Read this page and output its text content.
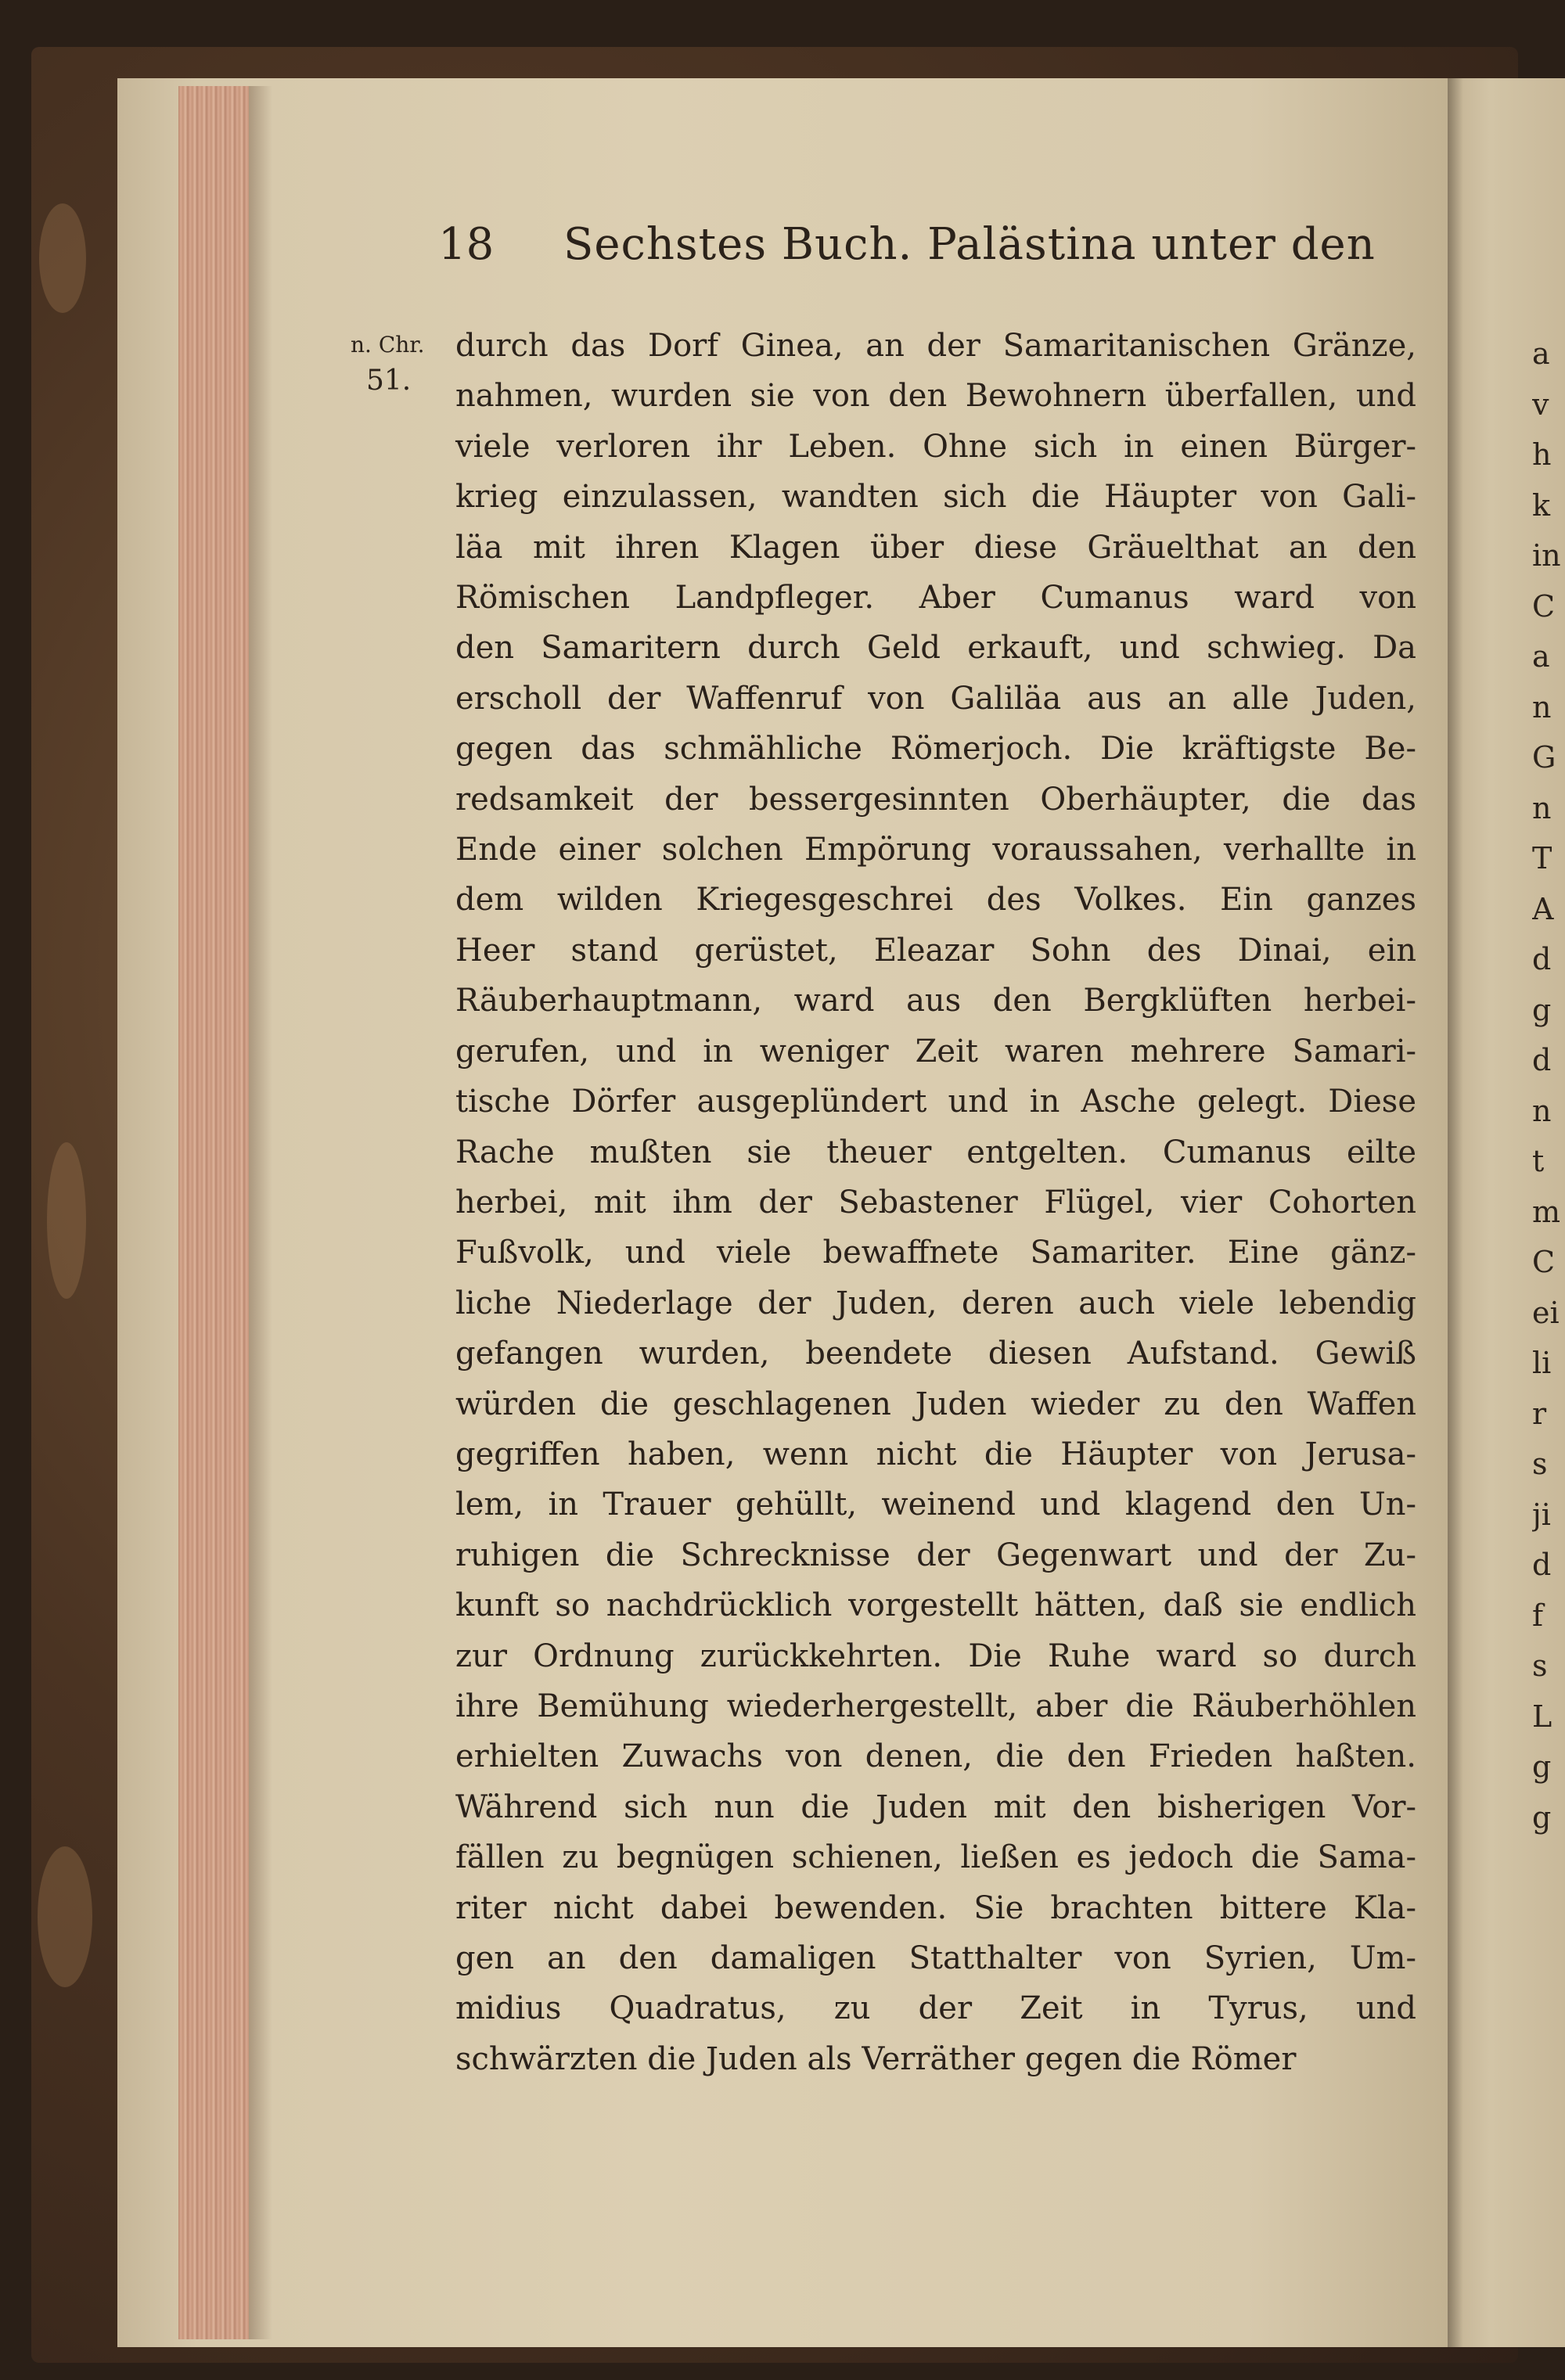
a
v
h
k
in
C
a
n
G
n
T
A
d
g
d
n
t
m
C
ei
li
r
s
ji
d
f
s
L
g
g
18 Sechstes Buch. Palästina unter den
n. Chr.
51.
durch das Dorf Ginea, an der Samaritanischen Gränze,
nahmen, wurden sie von den Bewohnern überfallen, und
viele verloren ihr Leben. Ohne sich in einen Bürger-
krieg einzulassen, wandten sich die Häupter von Gali-
läa mit ihren Klagen über diese Gräuelthat an den
Römischen Landpfleger. Aber Cumanus ward von
den Samaritern durch Geld erkauft, und schwieg. Da
erscholl der Waffenruf von Galiläa aus an alle Juden,
gegen das schmähliche Römerjoch. Die kräftigste Be-
redsamkeit der bessergesinnten Oberhäupter, die das
Ende einer solchen Empörung voraussahen, verhallte in
dem wilden Kriegesgeschrei des Volkes. Ein ganzes
Heer stand gerüstet, Eleazar Sohn des Dinai, ein
Räuberhauptmann, ward aus den Bergklüften herbei-
gerufen, und in weniger Zeit waren mehrere Samari-
tische Dörfer ausgeplündert und in Asche gelegt. Diese
Rache mußten sie theuer entgelten. Cumanus eilte
herbei, mit ihm der Sebastener Flügel, vier Cohorten
Fußvolk, und viele bewaffnete Samariter. Eine gänz-
liche Niederlage der Juden, deren auch viele lebendig
gefangen wurden, beendete diesen Aufstand. Gewiß
würden die geschlagenen Juden wieder zu den Waffen
gegriffen haben, wenn nicht die Häupter von Jerusa-
lem, in Trauer gehüllt, weinend und klagend den Un-
ruhigen die Schrecknisse der Gegenwart und der Zu-
kunft so nachdrücklich vorgestellt hätten, daß sie endlich
zur Ordnung zurückkehrten. Die Ruhe ward so durch
ihre Bemühung wiederhergestellt, aber die Räuberhöhlen
erhielten Zuwachs von denen, die den Frieden haßten.
Während sich nun die Juden mit den bisherigen Vor-
fällen zu begnügen schienen, ließen es jedoch die Sama-
riter nicht dabei bewenden. Sie brachten bittere Kla-
gen an den damaligen Statthalter von Syrien, Um-
midius Quadratus, zu der Zeit in Tyrus, und
schwärzten die Juden als Verräther gegen die Römer
